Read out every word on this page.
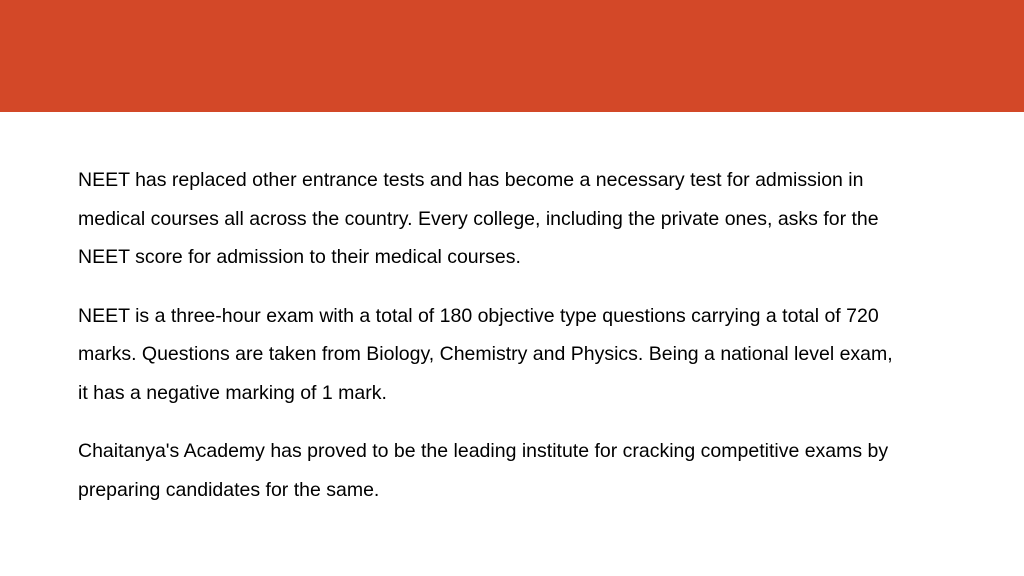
NEET has replaced other entrance tests and has become a necessary test for admission in medical courses all across the country. Every college, including the private ones, asks for the NEET score for admission to their medical courses.

NEET is a three-hour exam with a total of 180 objective type questions carrying a total of 720 marks. Questions are taken from Biology, Chemistry and Physics. Being a national level exam, it has a negative marking of 1 mark.

Chaitanya's Academy has proved to be the leading institute for cracking competitive exams by preparing candidates for the same.
